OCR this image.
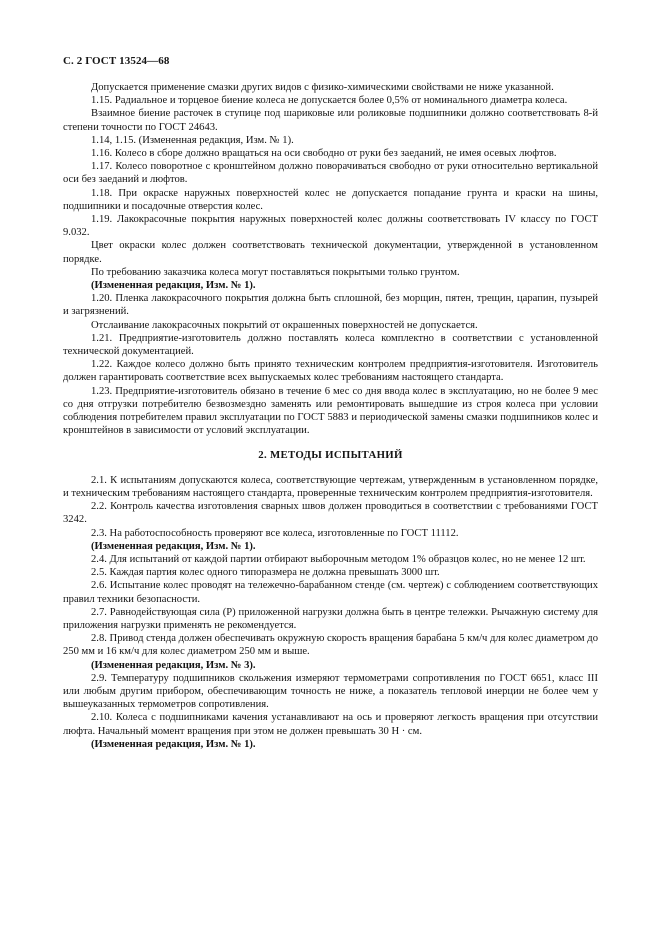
С. 2 ГОСТ 13524—68

Допускается применение смазки других видов с физико-химическими свойствами не ниже указанной.

1.15. Радиальное и торцевое биение колеса не допускается более 0,5% от номинального диаметра колеса.

Взаимное биение расточек в ступице под шариковые или роликовые подшипники должно соответствовать 8-й степени точности по ГОСТ 24643.

1.14, 1.15. (Измененная редакция, Изм. № 1).

1.16. Колесо в сборе должно вращаться на оси свободно от руки без заеданий, не имея осевых люфтов.

1.17. Колесо поворотное с кронштейном должно поворачиваться свободно от руки относительно вертикальной оси без заеданий и люфтов.

1.18. При окраске наружных поверхностей колес не допускается попадание грунта и краски на шины, подшипники и посадочные отверстия колес.

1.19. Лакокрасочные покрытия наружных поверхностей колес должны соответствовать IV классу по ГОСТ 9.032.

Цвет окраски колес должен соответствовать технической документации, утвержденной в установленном порядке.

По требованию заказчика колеса могут поставляться покрытыми только грунтом.

(Измененная редакция, Изм. № 1).

1.20. Пленка лакокрасочного покрытия должна быть сплошной, без морщин, пятен, трещин, царапин, пузырей и загрязнений.

Отслаивание лакокрасочных покрытий от окрашенных поверхностей не допускается.

1.21. Предприятие-изготовитель должно поставлять колеса комплектно в соответствии с установленной технической документацией.

1.22. Каждое колесо должно быть принято техническим контролем предприятия-изготовителя. Изготовитель должен гарантировать соответствие всех выпускаемых колес требованиям настоящего стандарта.

1.23. Предприятие-изготовитель обязано в течение 6 мес со дня ввода колес в эксплуатацию, но не более 9 мес со дня отгрузки потребителю безвозмездно заменять или ремонтировать вышедшие из строя колеса при условии соблюдения потребителем правил эксплуатации по ГОСТ 5883 и периодической замены смазки подшипников колес и кронштейнов в зависимости от условий эксплуатации.

2. МЕТОДЫ ИСПЫТАНИЙ

2.1. К испытаниям допускаются колеса, соответствующие чертежам, утвержденным в установленном порядке, и техническим требованиям настоящего стандарта, проверенные техническим контролем предприятия-изготовителя.

2.2. Контроль качества изготовления сварных швов должен проводиться в соответствии с требованиями ГОСТ 3242.

2.3. На работоспособность проверяют все колеса, изготовленные по ГОСТ 11112.

(Измененная редакция, Изм. № 1).

2.4. Для испытаний от каждой партии отбирают выборочным методом 1% образцов колес, но не менее 12 шт.

2.5. Каждая партия колес одного типоразмера не должна превышать 3000 шт.

2.6. Испытание колес проводят на тележечно-барабанном стенде (см. чертеж) с соблюдением соответствующих правил техники безопасности.

2.7. Равнодействующая сила (P) приложенной нагрузки должна быть в центре тележки. Рычажную систему для приложения нагрузки применять не рекомендуется.

2.8. Привод стенда должен обеспечивать окружную скорость вращения барабана 5 км/ч для колес диаметром до 250 мм и 16 км/ч для колес диаметром 250 мм и выше.

(Измененная редакция, Изм. № 3).

2.9. Температуру подшипников скольжения измеряют термометрами сопротивления по ГОСТ 6651, класс III или любым другим прибором, обеспечивающим точность не ниже, а показатель тепловой инерции не более чем у вышеуказанных термометров сопротивления.

2.10. Колеса с подшипниками качения устанавливают на ось и проверяют легкость вращения при отсутствии люфта. Начальный момент вращения при этом не должен превышать 30 Н · см.

(Измененная редакция, Изм. № 1).
